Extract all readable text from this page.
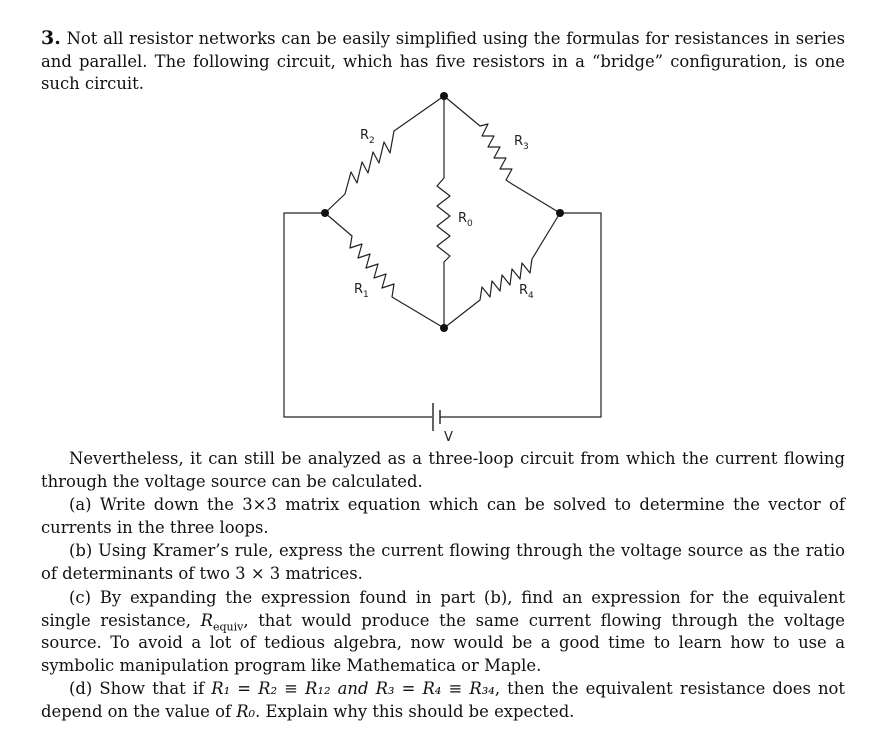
3. Not all resistor networks can be easily simplified using the formulas for resistances in series and parallel. The following circuit, which has five resistors in a “bridge” configuration, is one such circuit.

$R_2$	$R_3$
$R_0$
$R_1$	$R_4$
V

Nevertheless, it can still be analyzed as a three-loop circuit from which the current flowing through the voltage source can be calculated.

(a) Write down the 3×3 matrix equation which can be solved to determine the vector of currents in the three loops.

(b) Using Kramer’s rule, express the current flowing through the voltage source as the ratio of determinants of two 3 × 3 matrices.

(c) By expanding the expression found in part (b), find an expression for the equivalent single resistance, $R_{equiv}$, that would produce the same current flowing through the voltage source. To avoid a lot of tedious algebra, now would be a good time to learn how to use a symbolic manipulation program like Mathematica or Maple.

(d) Show that if R₁ = R₂ ≡ R₁₂ and R₃ = R₄ ≡ R₃₄, then the equivalent resistance does not depend on the value of R₀. Explain why this should be expected.
